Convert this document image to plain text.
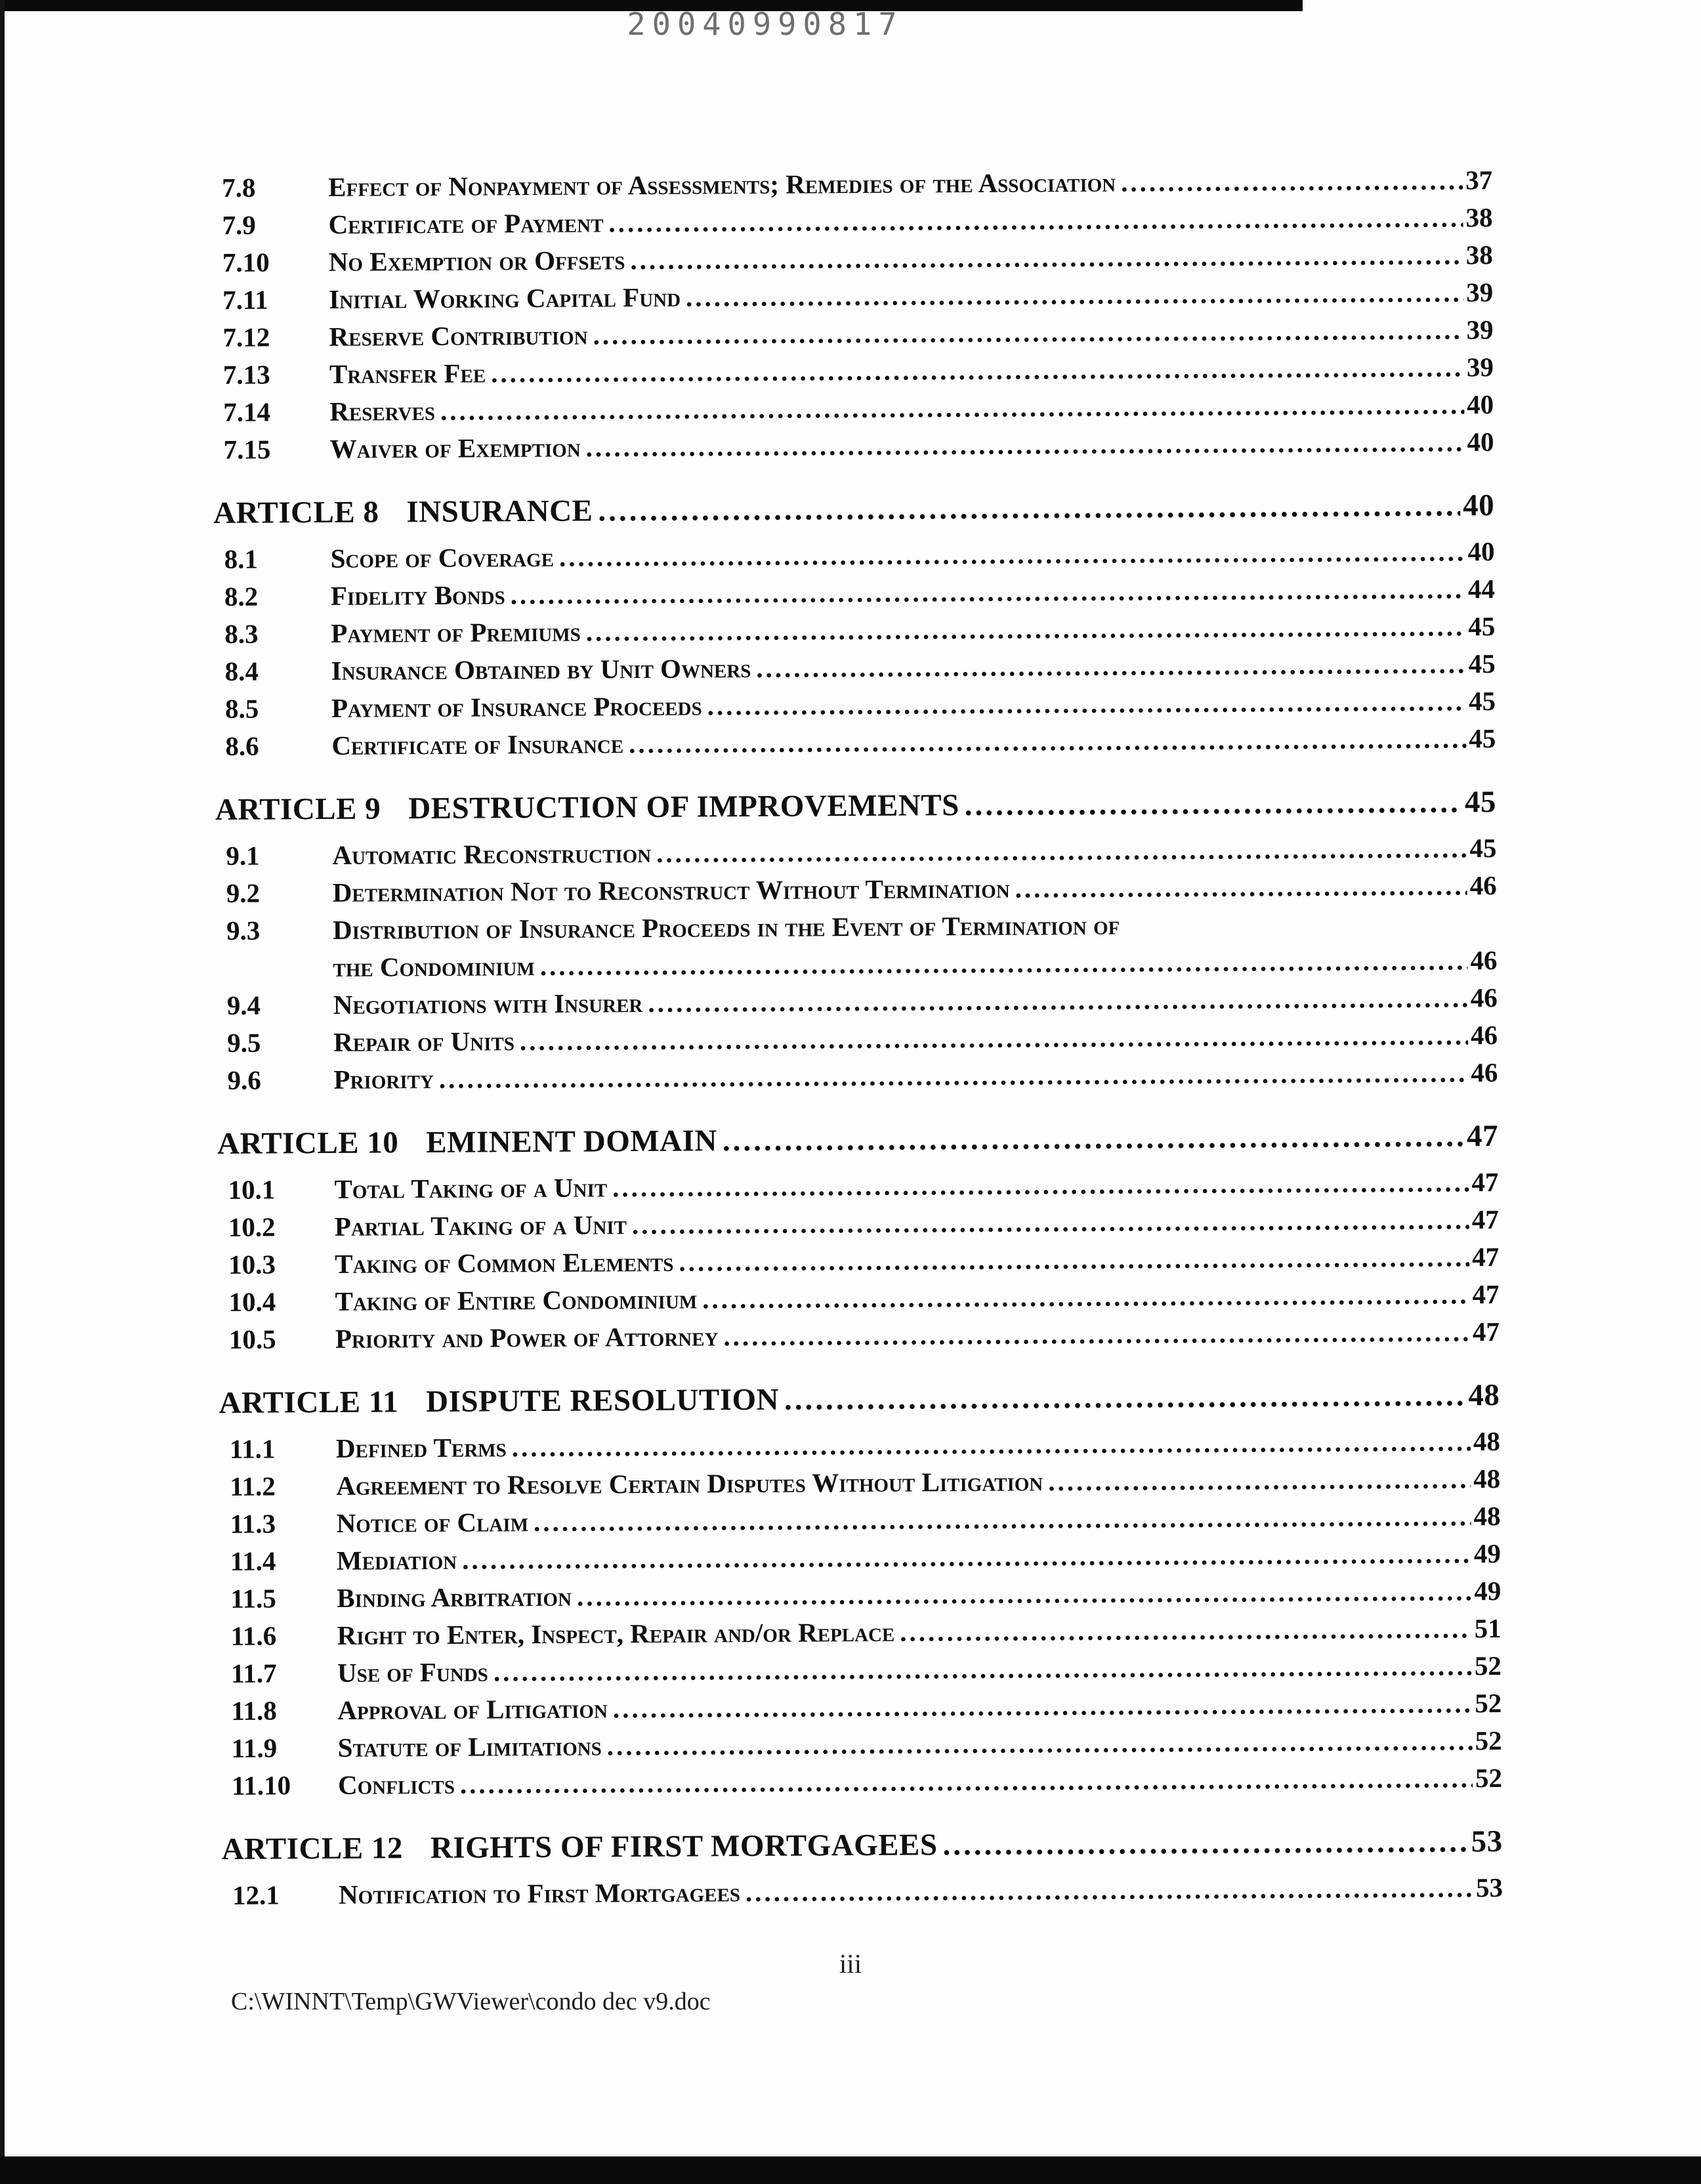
20040990817
7.8	Effect of Nonpayment of Assessments; Remedies of the Association .....	37
7.9	Certificate of Payment .....	38
7.10	No Exemption or Offsets .....	38
7.11	Initial Working Capital Fund .....	39
7.12	Reserve Contribution .....	39
7.13	Transfer Fee .....	39
7.14	Reserves .....	40
7.15	Waiver of Exemption .....	40
ARTICLE 8 INSURANCE .....	40
8.1	Scope of Coverage .....	40
8.2	Fidelity Bonds .....	44
8.3	Payment of Premiums .....	45
8.4	Insurance Obtained by Unit Owners .....	45
8.5	Payment of Insurance Proceeds .....	45
8.6	Certificate of Insurance .....	45
ARTICLE 9 DESTRUCTION OF IMPROVEMENTS .....	45
9.1	Automatic Reconstruction .....	45
9.2	Determination Not to Reconstruct Without Termination .....	46
9.3	Distribution of Insurance Proceeds in the Event of Termination of
the Condominium .....	46
9.4	Negotiations with Insurer .....	46
9.5	Repair of Units .....	46
9.6	Priority .....	46
ARTICLE 10 EMINENT DOMAIN .....	47
10.1	Total Taking of a Unit .....	47
10.2	Partial Taking of a Unit .....	47
10.3	Taking of Common Elements .....	47
10.4	Taking of Entire Condominium .....	47
10.5	Priority and Power of Attorney .....	47
ARTICLE 11 DISPUTE RESOLUTION .....	48
11.1	Defined Terms .....	48
11.2	Agreement to Resolve Certain Disputes Without Litigation .....	48
11.3	Notice of Claim .....	48
11.4	Mediation .....	49
11.5	Binding Arbitration .....	49
11.6	Right to Enter, Inspect, Repair and/or Replace .....	51
11.7	Use of Funds .....	52
11.8	Approval of Litigation .....	52
11.9	Statute of Limitations .....	52
11.10	Conflicts .....	52
ARTICLE 12 RIGHTS OF FIRST MORTGAGEES .....	53
12.1	Notification to First Mortgagees .....	53
iii
C:\WINNT\Temp\GWViewer\condo dec v9.doc
